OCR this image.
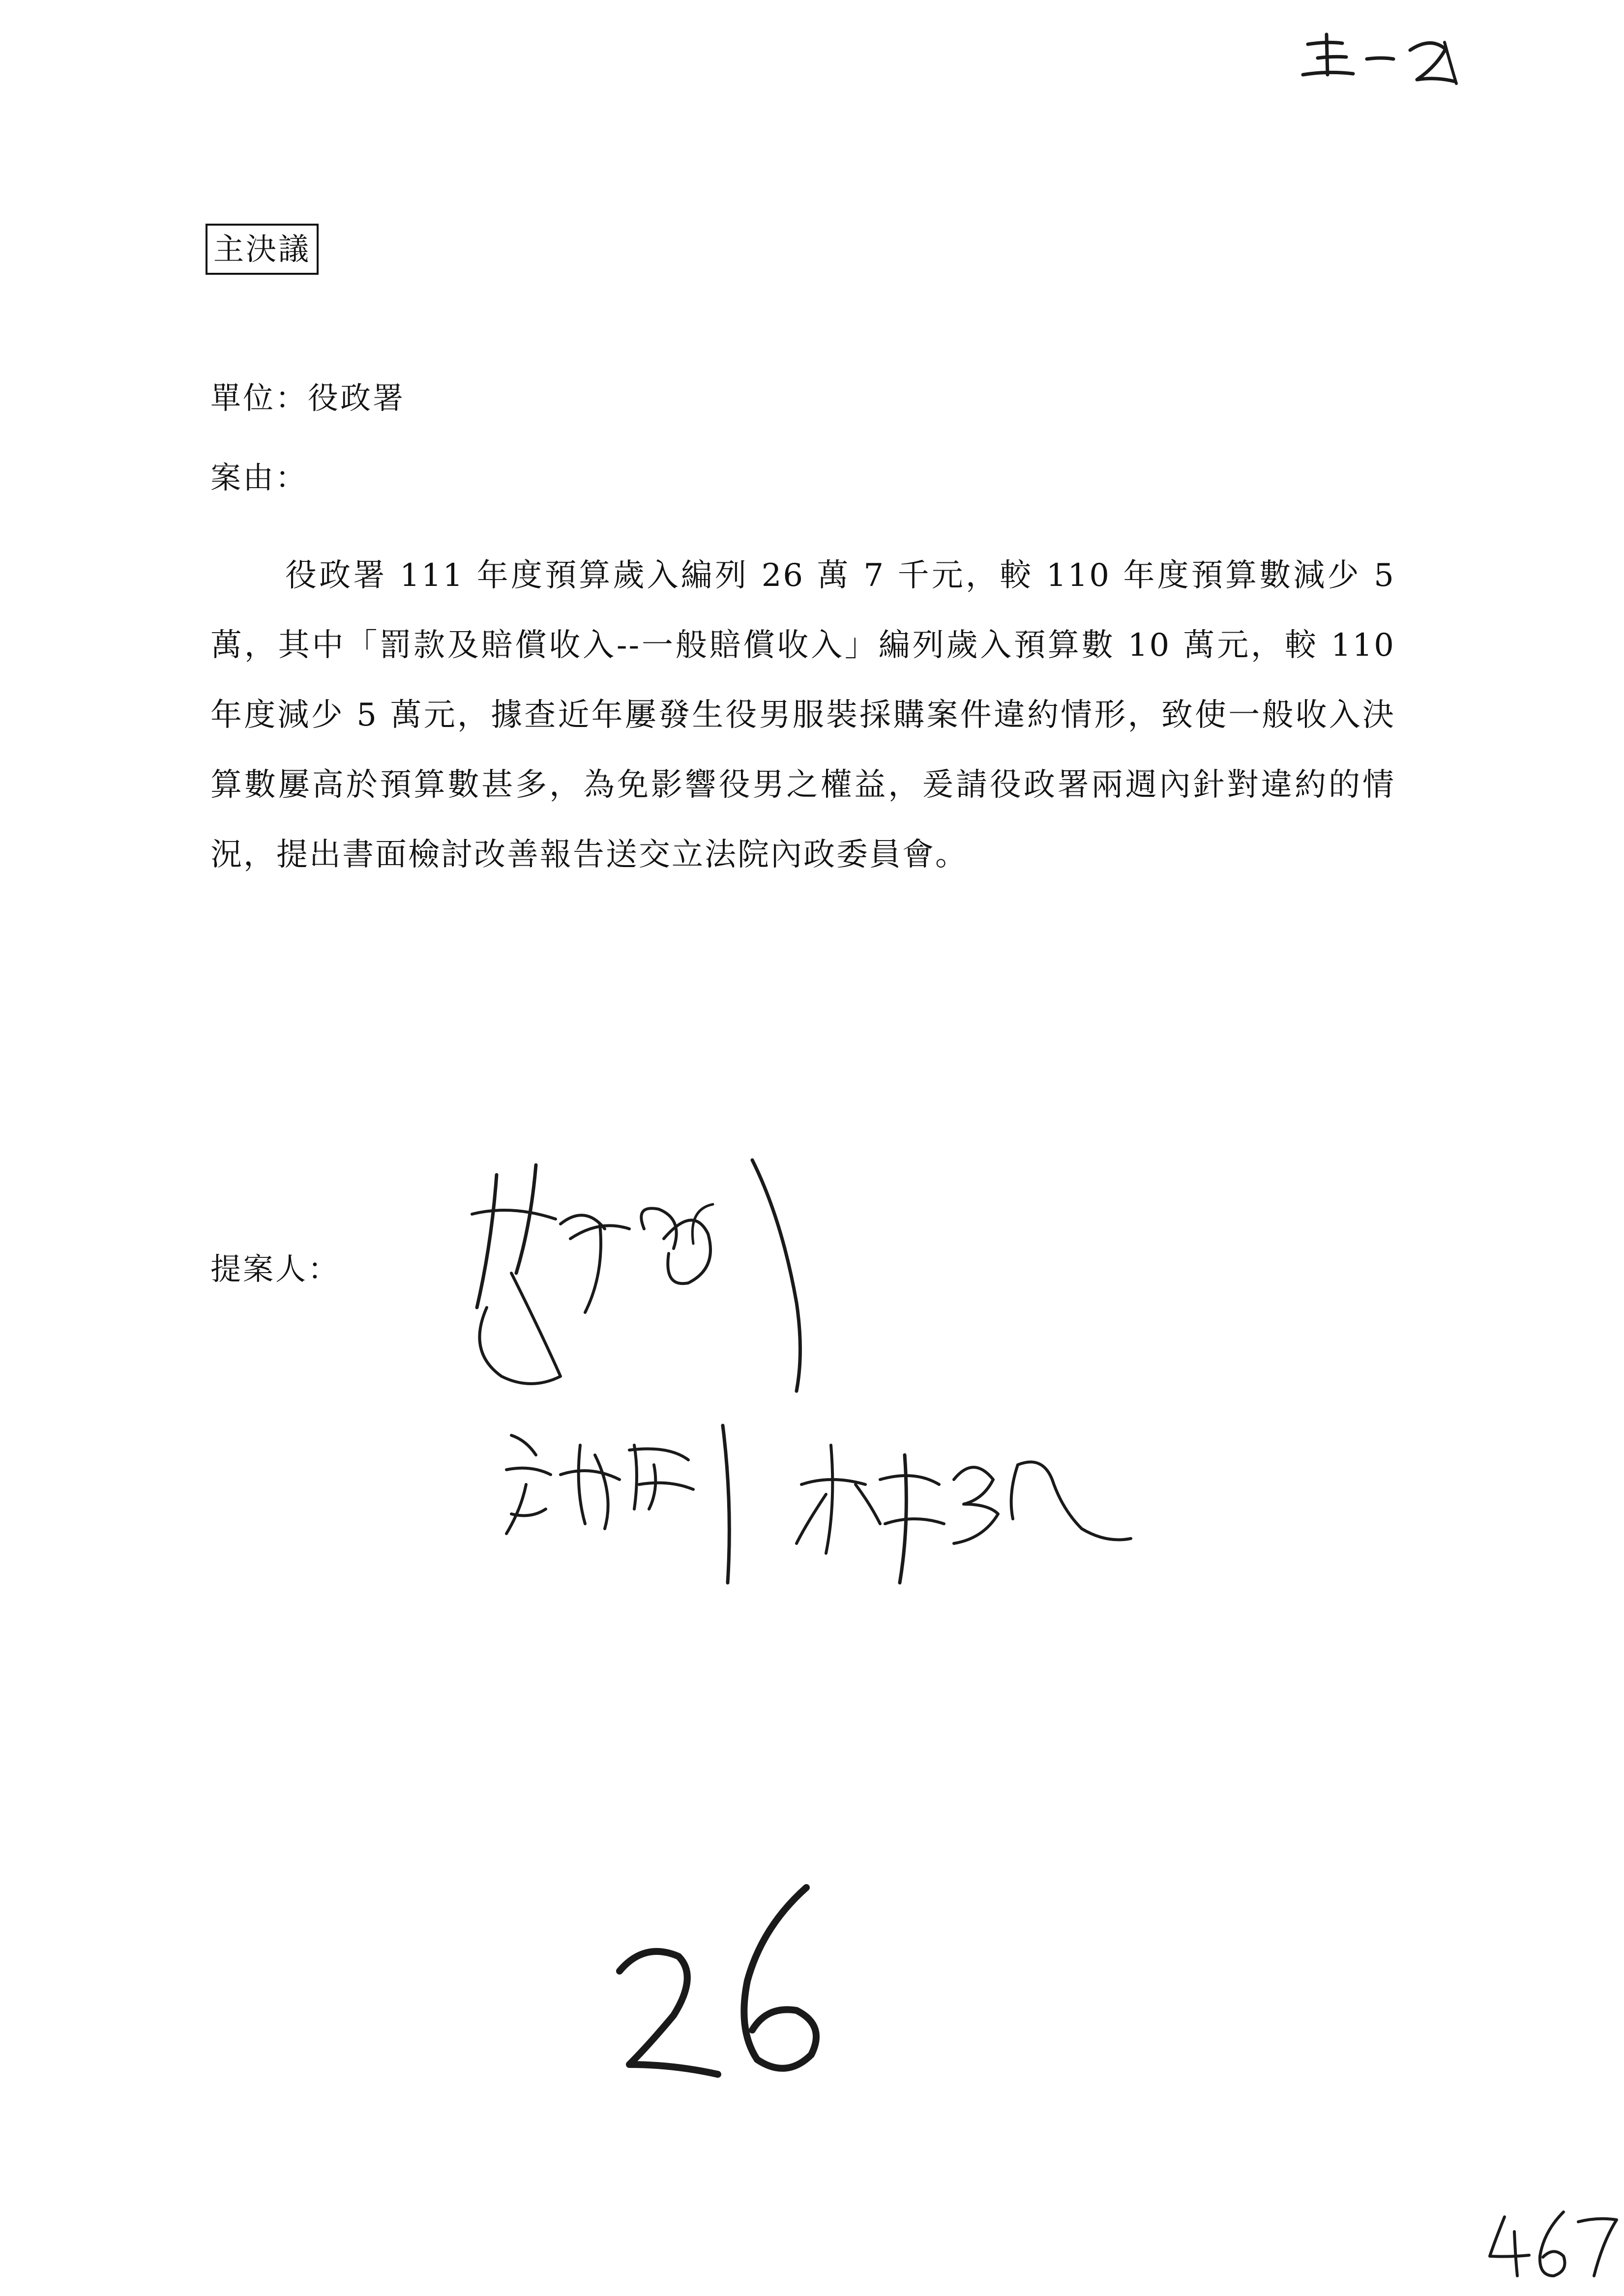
主決議
單位：役政署
案由：

役政署 111 年度預算歲入編列 26 萬 7 千元，較 110 年度預算數減少 5 萬，其中「罰款及賠償收入--一般賠償收入」編列歲入預算數 10 萬元，較 110 年度減少 5 萬元，據查近年屢發生役男服裝採購案件違約情形，致使一般收入決算數屢高於預算數甚多，為免影響役男之權益，爰請役政署兩週內針對違約的情況，提出書面檢討改善報告送交立法院內政委員會。

提案人：
